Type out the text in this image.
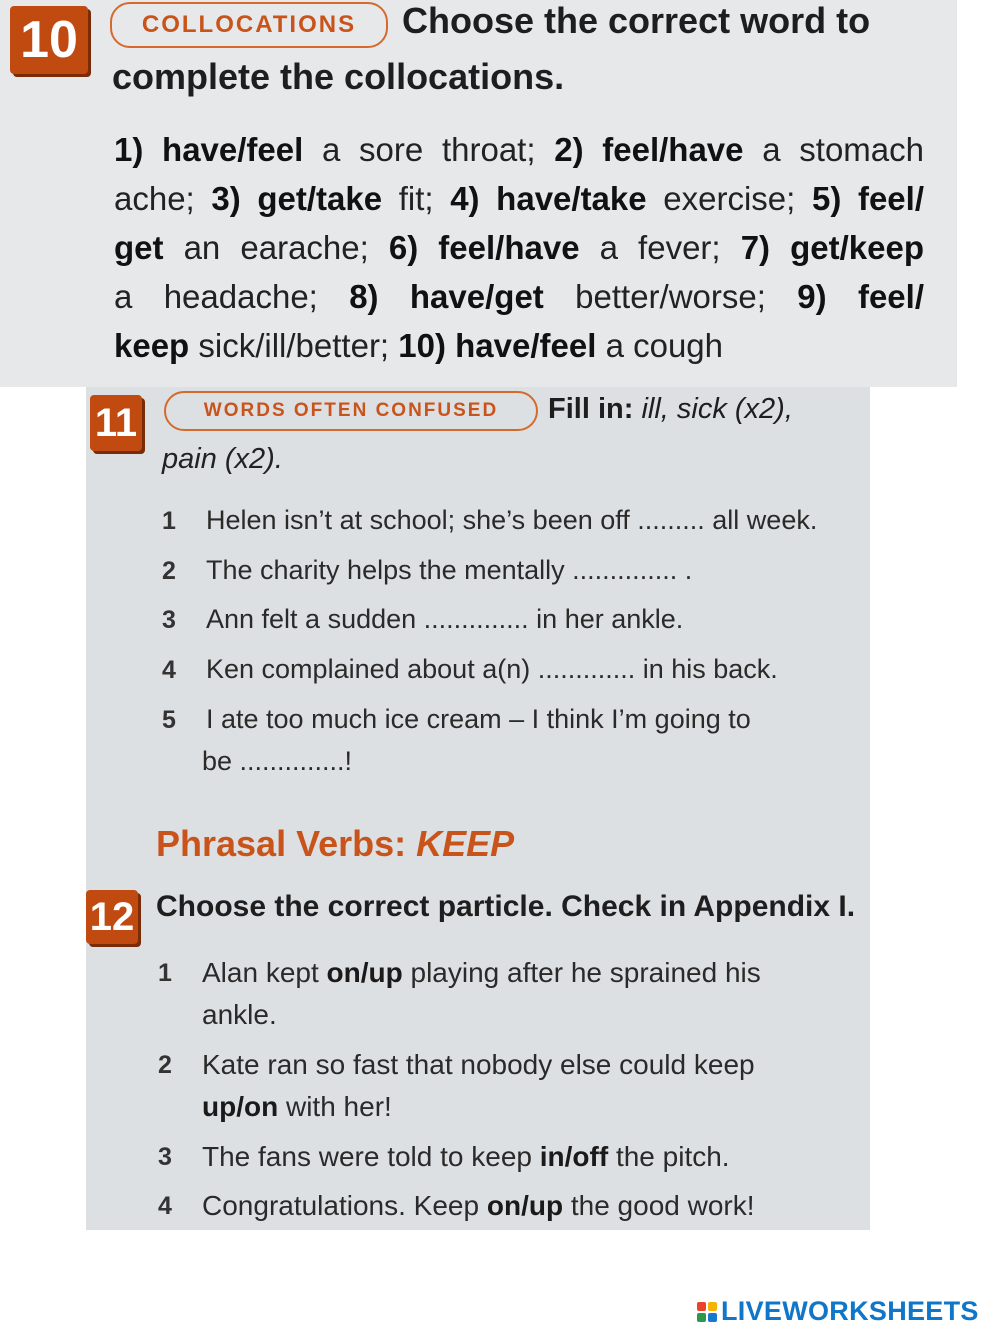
10	COLLOCATIONS	Choose the correct word to
complete the collocations.
1) have/feel a sore throat; 2) feel/have a stomach
ache; 3) get/take fit; 4) have/take exercise; 5) feel/
get an earache; 6) feel/have a fever; 7) get/keep
a headache; 8) have/get better/worse; 9) feel/
keep sick/ill/better; 10) have/feel a cough
11	WORDS OFTEN CONFUSED	Fill in: ill, sick (x2),
pain (x2).
1 Helen isn’t at school; she’s been off ......... all week.
2 The charity helps the mentally .............. .
3 Ann felt a sudden .............. in her ankle.
4 Ken complained about a(n) ............. in his back.
5 I ate too much ice cream – I think I’m going to
be ..............!
Phrasal Verbs: KEEP
12 Choose the correct particle. Check in Appendix I.
1 Alan kept on/up playing after he sprained his
ankle.
2 Kate ran so fast that nobody else could keep
up/on with her!
3 The fans were told to keep in/off the pitch.
4 Congratulations. Keep on/up the good work!
LIVEWORKSHEETS
